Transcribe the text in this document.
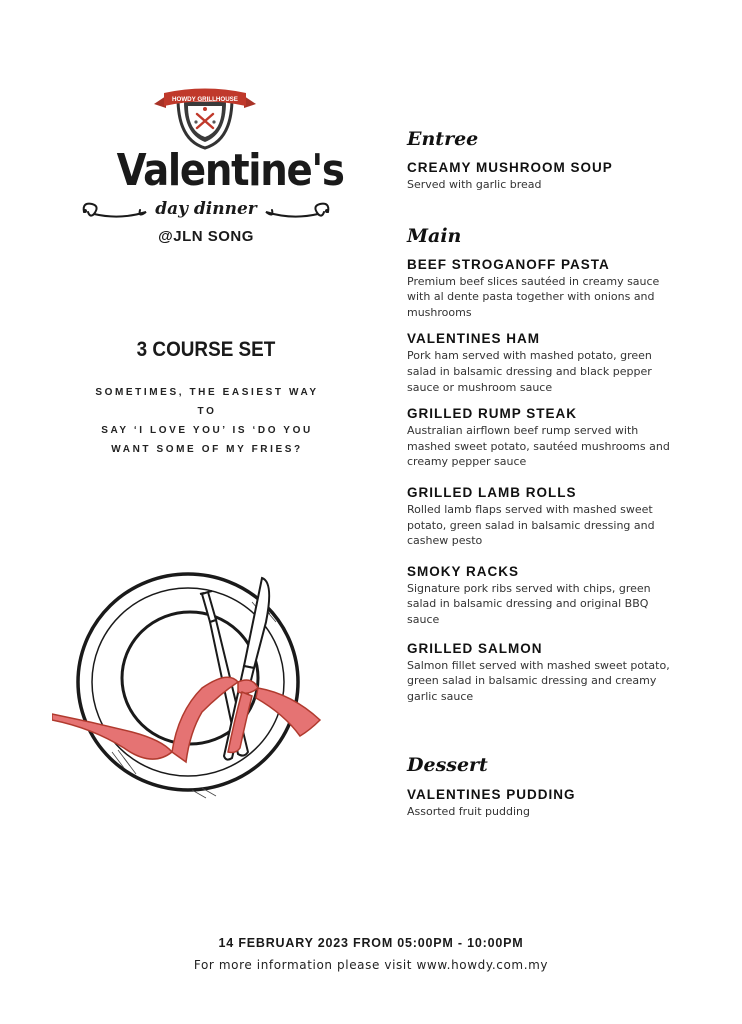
HOWDY GRILLHOUSE
Valentine's
day dinner
@JLN SONG
3 COURSE SET
SOMETIMES, THE EASIEST WAY TO
SAY ‘I LOVE YOU’ IS ‘DO YOU
WANT SOME OF MY FRIES?
Entree

CREAMY MUSHROOM SOUP

Served with garlic bread

Main

BEEF STROGANOFF PASTA

Premium beef slices sautéed in creamy sauce

with al dente pasta together with onions and

mushrooms

VALENTINES HAM

Pork ham served with mashed potato, green

salad in balsamic dressing and black pepper

sauce or mushroom sauce

GRILLED RUMP STEAK

Australian airflown beef rump served with

mashed sweet potato, sautéed mushrooms and

creamy pepper sauce

GRILLED LAMB ROLLS

Rolled lamb flaps served with mashed sweet

potato, green salad in balsamic dressing and

cashew pesto

SMOKY RACKS

Signature pork ribs served with chips, green

salad in balsamic dressing and original BBQ

sauce

GRILLED SALMON

Salmon fillet served with mashed sweet potato,

green salad in balsamic dressing and creamy

garlic sauce

Dessert

VALENTINES PUDDING

Assorted fruit pudding

14 FEBRUARY 2023 FROM 05:00PM - 10:00PM
For more information please visit www.howdy.com.my
